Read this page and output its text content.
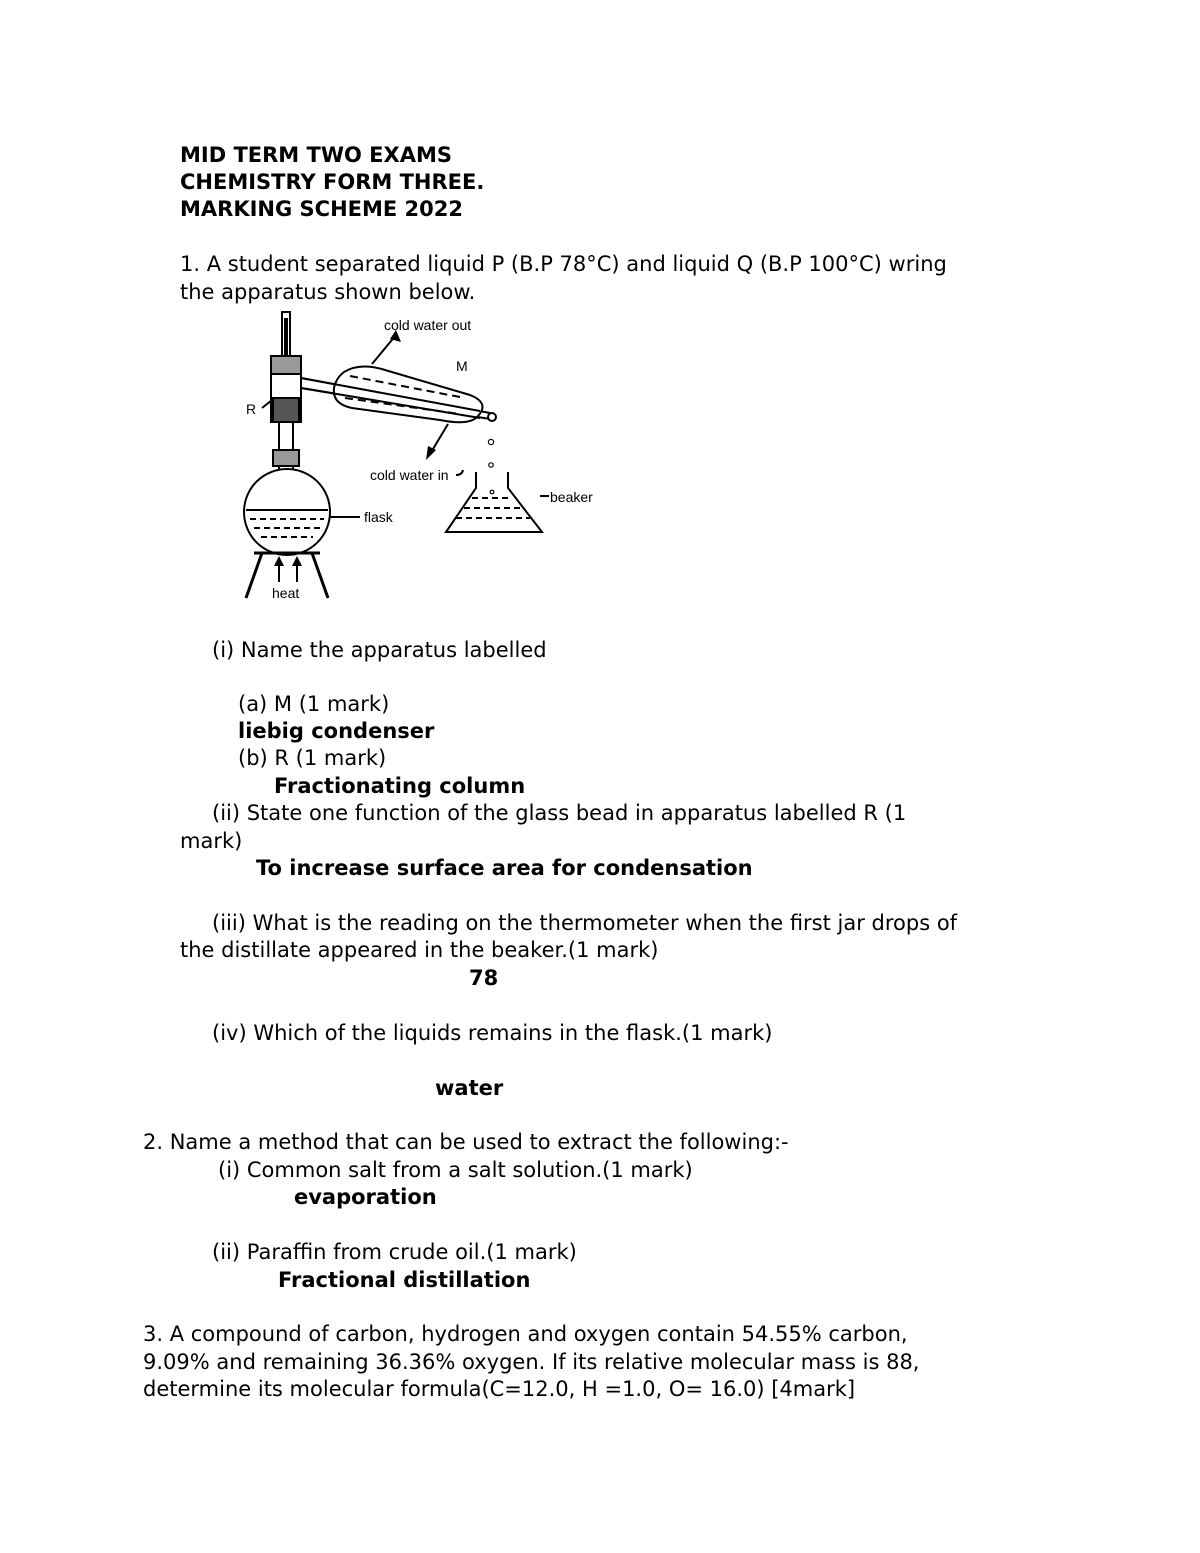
MID TERM TWO EXAMS

CHEMISTRY FORM THREE.

MARKING SCHEME 2022

1. A student separated liquid P (B.P 78°C) and liquid Q (B.P 100°C) wring

the apparatus shown below.

cold water out
M
R
cold water in
beaker
flask
heat

(i) Name the apparatus labelled

(a) M (1 mark)

liebig condenser

(b) R (1 mark)

Fractionating column

(ii) State one function of the glass bead in apparatus labelled R (1

mark)

To increase surface area for condensation

(iii) What is the reading on the thermometer when the first jar drops of

the distillate appeared in the beaker.(1 mark)

78

(iv) Which of the liquids remains in the flask.(1 mark)

water

2. Name a method that can be used to extract the following:-

(i) Common salt from a salt solution.(1 mark)

evaporation

(ii) Paraffin from crude oil.(1 mark)

Fractional distillation

3. A compound of carbon, hydrogen and oxygen contain 54.55% carbon,

9.09% and remaining 36.36% oxygen. If its relative molecular mass is 88,

determine its molecular formula(C=12.0, H =1.0, O= 16.0) [4mark]
